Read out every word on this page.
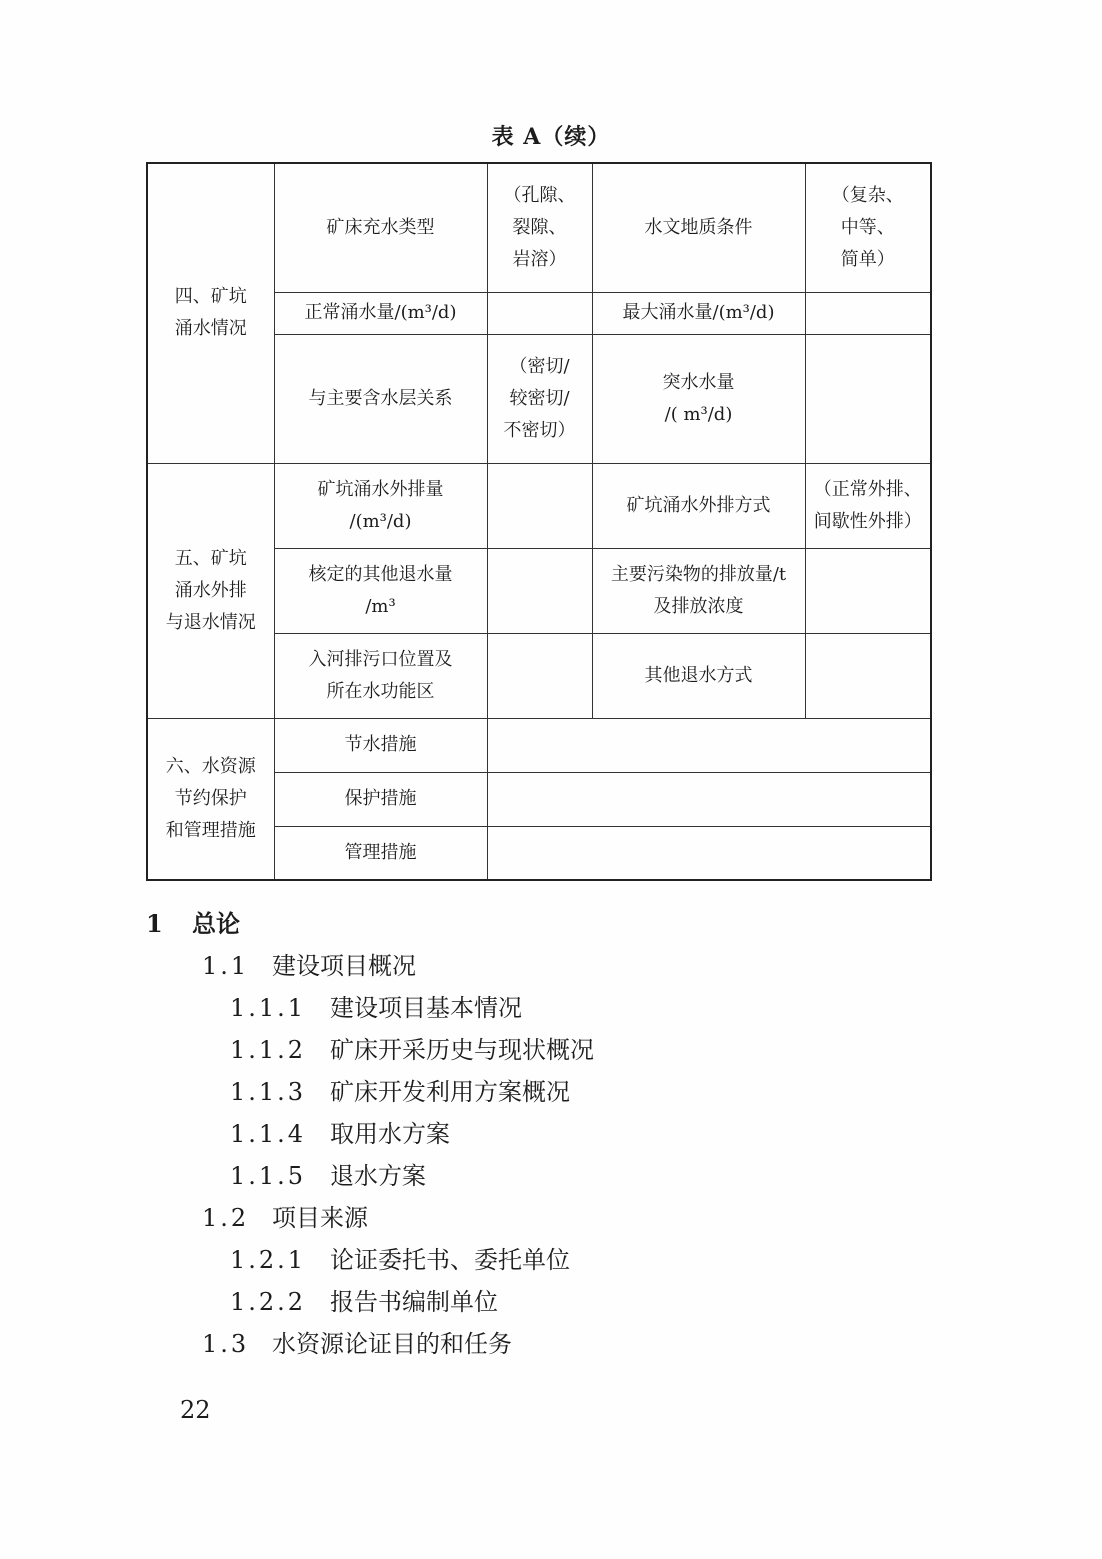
表 A（续）
四、矿坑
涌水情况	矿床充水类型	（孔隙、
裂隙、
岩溶）	水文地质条件	（复杂、
中等、
简单）
	正常涌水量/(m³/d)		最大涌水量/(m³/d)	
	与主要含水层关系	（密切/
较密切/
不密切）	突水水量
/( m³/d)	
五、矿坑
涌水外排
与退水情况	矿坑涌水外排量
/(m³/d)		矿坑涌水外排方式	（正常外排、
间歇性外排）
	核定的其他退水量
/m³		主要污染物的排放量/t
及排放浓度	
	入河排污口位置及
所在水功能区		其他退水方式	
六、水资源
节约保护
和管理措施	节水措施			
	保护措施			
	管理措施			
1 总论
1.1 建设项目概况
1.1.1 建设项目基本情况
1.1.2 矿床开采历史与现状概况
1.1.3 矿床开发利用方案概况
1.1.4 取用水方案
1.1.5 退水方案
1.2 项目来源
1.2.1 论证委托书、委托单位
1.2.2 报告书编制单位
1.3 水资源论证目的和任务
22
